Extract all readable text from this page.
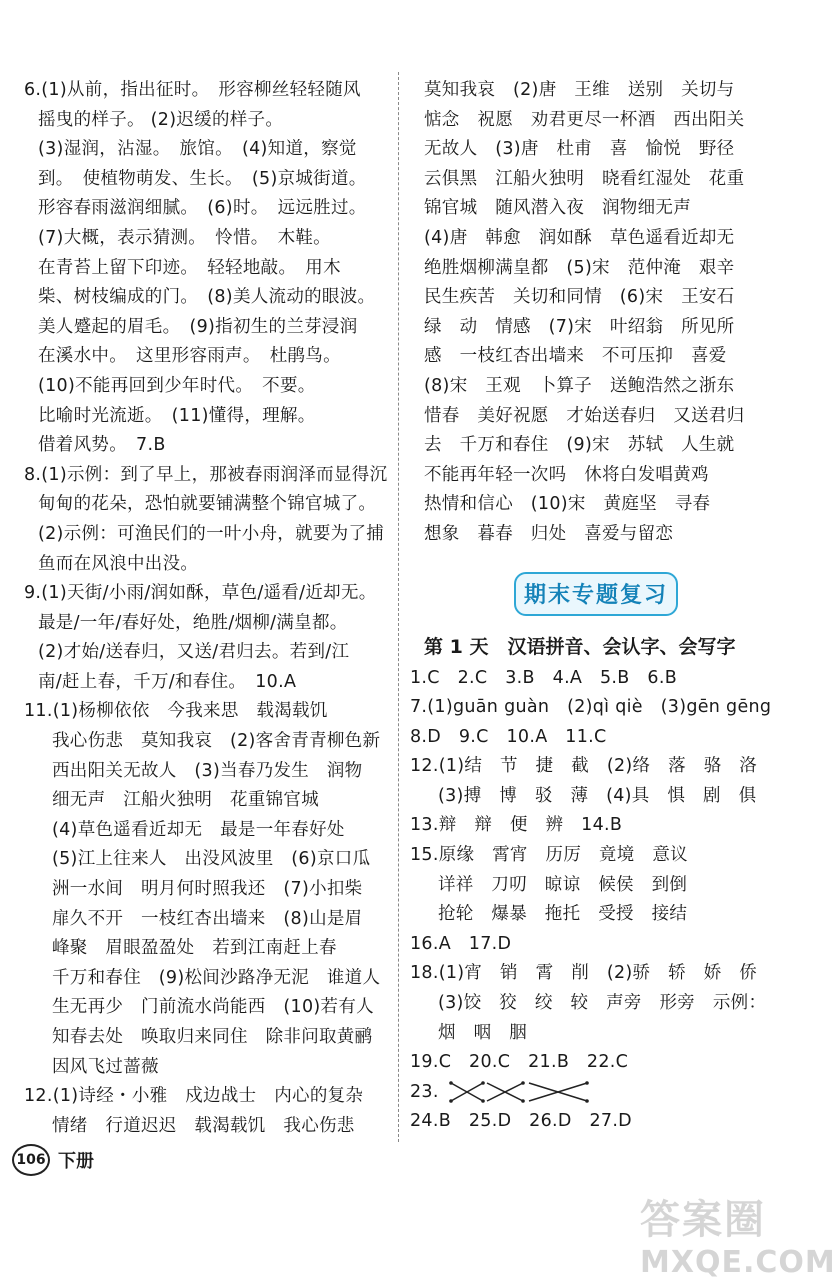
6.(1)从前，指出征时。　形容柳丝轻轻随风
摇曳的样子。 (2)迟缓的样子。
(3)湿润，沾湿。　旅馆。　(4)知道，察觉
到。　使植物萌发、生长。　(5)京城街道。
形容春雨滋润细腻。　(6)时。　远远胜过。
(7)大概，表示猜测。　怜惜。　木鞋。
在青苔上留下印迹。　轻轻地敲。　用木
柴、树枝编成的门。　(8)美人流动的眼波。
美人蹙起的眉毛。　(9)指初生的兰芽浸润
在溪水中。　这里形容雨声。　杜鹃鸟。
(10)不能再回到少年时代。　不要。
比喻时光流逝。　(11)懂得，理解。
借着风势。　7.B
8.(1)示例：到了早上，那被春雨润泽而显得沉
甸甸的花朵，恐怕就要铺满整个锦官城了。
(2)示例：可渔民们的一叶小舟，就要为了捕
鱼而在风浪中出没。
9.(1)天街/小雨/润如酥，草色/遥看/近却无。
最是/一年/春好处，绝胜/烟柳/满皇都。
(2)才始/送春归，又送/君归去。若到/江
南/赶上春，千万/和春住。　10.A
11.(1)杨柳依依　今我来思　载渴载饥
我心伤悲　莫知我哀　(2)客舍青青柳色新
西出阳关无故人　(3)当春乃发生　润物
细无声　江船火独明　花重锦官城
(4)草色遥看近却无　最是一年春好处
(5)江上往来人　出没风波里　(6)京口瓜
洲一水间　明月何时照我还　(7)小扣柴
扉久不开　一枝红杏出墙来　(8)山是眉
峰聚　眉眼盈盈处　若到江南赶上春
千万和春住　(9)松间沙路净无泥　谁道人
生无再少　门前流水尚能西　(10)若有人
知春去处　唤取归来同住　除非问取黄鹂
因风飞过蔷薇
12.(1)诗经・小雅　戍边战士　内心的复杂
情绪　行道迟迟　载渴载饥　我心伤悲
莫知我哀　(2)唐　王维　送别　关切与
惦念　祝愿　劝君更尽一杯酒　西出阳关
无故人　(3)唐　杜甫　喜　愉悦　野径
云俱黑　江船火独明　晓看红湿处　花重
锦官城　随风潜入夜　润物细无声
(4)唐　韩愈　润如酥　草色遥看近却无
绝胜烟柳满皇都　(5)宋　范仲淹　艰辛
民生疾苦　关切和同情　(6)宋　王安石
绿　动　情感　(7)宋　叶绍翁　所见所
感　一枝红杏出墙来　不可压抑　喜爱
(8)宋　王观　卜算子　送鲍浩然之浙东
惜春　美好祝愿　才始送春归　又送君归
去　千万和春住　(9)宋　苏轼　人生就
不能再年轻一次吗　休将白发唱黄鸡
热情和信心　(10)宋　黄庭坚　寻春
想象　暮春　归处　喜爱与留恋
期末专题复习
第 1 天　汉语拼音、会认字、会写字
1.C　2.C　3.B　4.A　5.B　6.B
7.(1)guān guàn　(2)qì qiè　(3)gēn gēng
8.D　9.C　10.A　11.C
12.(1)结　节　捷　截　(2)络　落　骆　洛
(3)搏　博　驳　薄　(4)具　惧　剧　俱
13.辩　辩　便　辨　14.B
15.原缘　霄宵　历厉　竟境　意议
详祥　刀叨　晾谅　候侯　到倒
抢轮　爆暴　拖托　受授　接结
16.A　17.D
18.(1)宵　销　霄　削　(2)骄　轿　娇　侨
(3)饺　狡　绞　较　声旁　形旁　示例：
烟　咽　胭
19.C　20.C　21.B　22.C
23.
24.B　25.D　26.D　27.D
106 下册
答案圈
MXQE.COM
